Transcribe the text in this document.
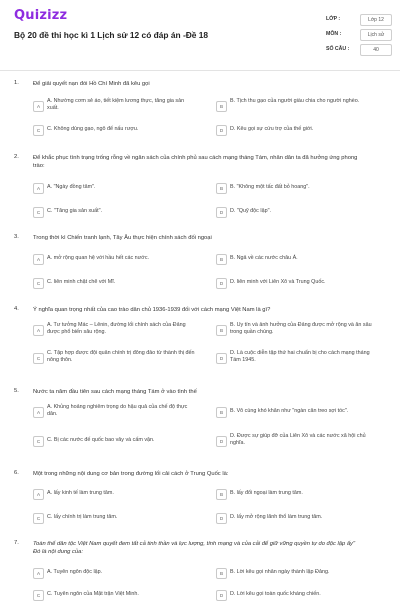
Quizizz
Bộ 20 đề thi học kì 1 Lịch sử 12 có đáp án -Đề 18
LỚP :	Lớp 12
MÔN :	Lịch sử
SỐ CÂU :	40
1. Để giải quyết nạn đói Hồ Chí Minh đã kêu gọi
A
A. Nhường cơm sẻ áo, tiết kiệm lương thực, tăng gia sản xuất.	B
B. Tịch thu gạo của người giàu chia cho người nghèo.
C	C. Không dùng gạo, ngô để nấu rượu.	D	D. Kêu gọi sự cứu trợ của thế giới.
2. Để khắc phục tình trạng trống rỗng về ngân sách của chính phủ sau cách mạng tháng Tám, nhân dân ta đã hưởng ứng phong trào:
A	A. "Ngày đồng tâm".	B	B. "Không một tấc đất bỏ hoang".
C	C. "Tăng gia sản xuất".	D	D. "Quỹ độc lập".
3. Trong thời kì Chiến tranh lạnh, Tây Âu thực hiện chính sách đối ngoại
A	A. mở rộng quan hệ với hầu hết các nước.	B	B. Ngả về các nước châu Á.
C	C. liên minh chặt chẽ với Mĩ.	D	D. liên minh với Liên Xô và Trung Quốc.
4. Ý nghĩa quan trọng nhất của cao trào dân chủ 1936-1939 đối với cách mạng Việt Nam là gì?
A
A. Tư tưởng Mác – Lênin, đường lối chính sách của Đảng được phổ biến sâu rộng.	B
B. Uy tín và ảnh hưởng của Đảng được mở rộng và ăn sâu trong quần chúng.
C
C. Tập hợp được đội quân chính trị đông đảo từ thành thị đến nông thôn.	D
D. Là cuộc diễn tập thứ hai chuẩn bị cho cách mạng tháng Tám 1945.
5. Nước ta năm đầu tiên sau cách mạng tháng Tám ở vào tình thế
A
A. Khủng hoảng nghiêm trọng do hậu quả của chế độ thực dân.	B	B. Vô cùng khó khăn như "ngàn cân treo sợi tóc".
C	C. Bị các nước đế quốc bao vây và cấm vận.	D
D. Được sự giúp đỡ của Liên Xô và các nước xã hội chủ nghĩa.
6. Một trong những nội dung cơ bản trong đường lối cải cách ở Trung Quốc là:
A	A. lấy kinh tế làm trung tâm.	B	B. lấy đổi ngoại làm trung tâm.
C	C. lấy chính trị làm trung tâm.	D	D. lấy mở rộng lãnh thổ làm trung tâm.
7. Toàn thể dân tộc Việt Nam quyết đem tất cả tinh thần và lực lượng, tính mạng và của cải để giữ vững quyền tự do độc lập ấy" Đó là nội dung của:
A	A. Tuyên ngôn độc lập.	B	B. Lời kêu gọi nhân ngày thành lập Đảng.
C	C. Tuyên ngôn của Mặt trận Việt Minh.	D	D. Lời kêu gọi toàn quốc kháng chiến.
